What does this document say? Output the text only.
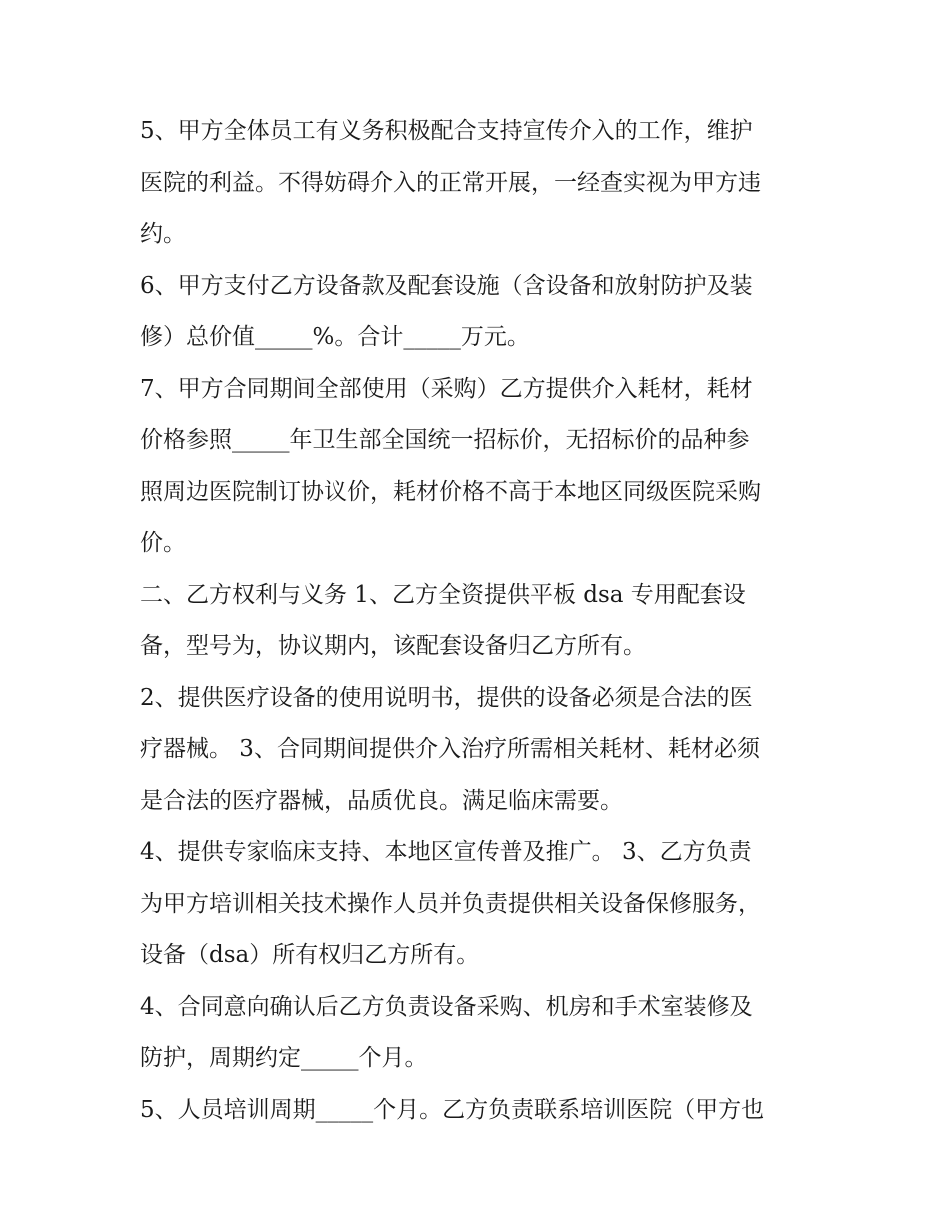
5、甲方全体员工有义务积极配合支持宣传介入的工作，维护
医院的利益。不得妨碍介入的正常开展，一经查实视为甲方违
约。
6、甲方支付乙方设备款及配套设施（含设备和放射防护及装
修）总价值_____%。合计_____万元。
7、甲方合同期间全部使用（采购）乙方提供介入耗材，耗材
价格参照_____年卫生部全国统一招标价，无招标价的品种参
照周边医院制订协议价，耗材价格不高于本地区同级医院采购
价。
二、乙方权利与义务 1、乙方全资提供平板 dsa 专用配套设
备，型号为，协议期内，该配套设备归乙方所有。
2、提供医疗设备的使用说明书，提供的设备必须是合法的医
疗器械。 3、合同期间提供介入治疗所需相关耗材、耗材必须
是合法的医疗器械，品质优良。满足临床需要。
4、提供专家临床支持、本地区宣传普及推广。 3、乙方负责
为甲方培训相关技术操作人员并负责提供相关设备保修服务，
设备（dsa）所有权归乙方所有。
4、合同意向确认后乙方负责设备采购、机房和手术室装修及
防护，周期约定_____个月。
5、人员培训周期_____个月。乙方负责联系培训医院（甲方也
